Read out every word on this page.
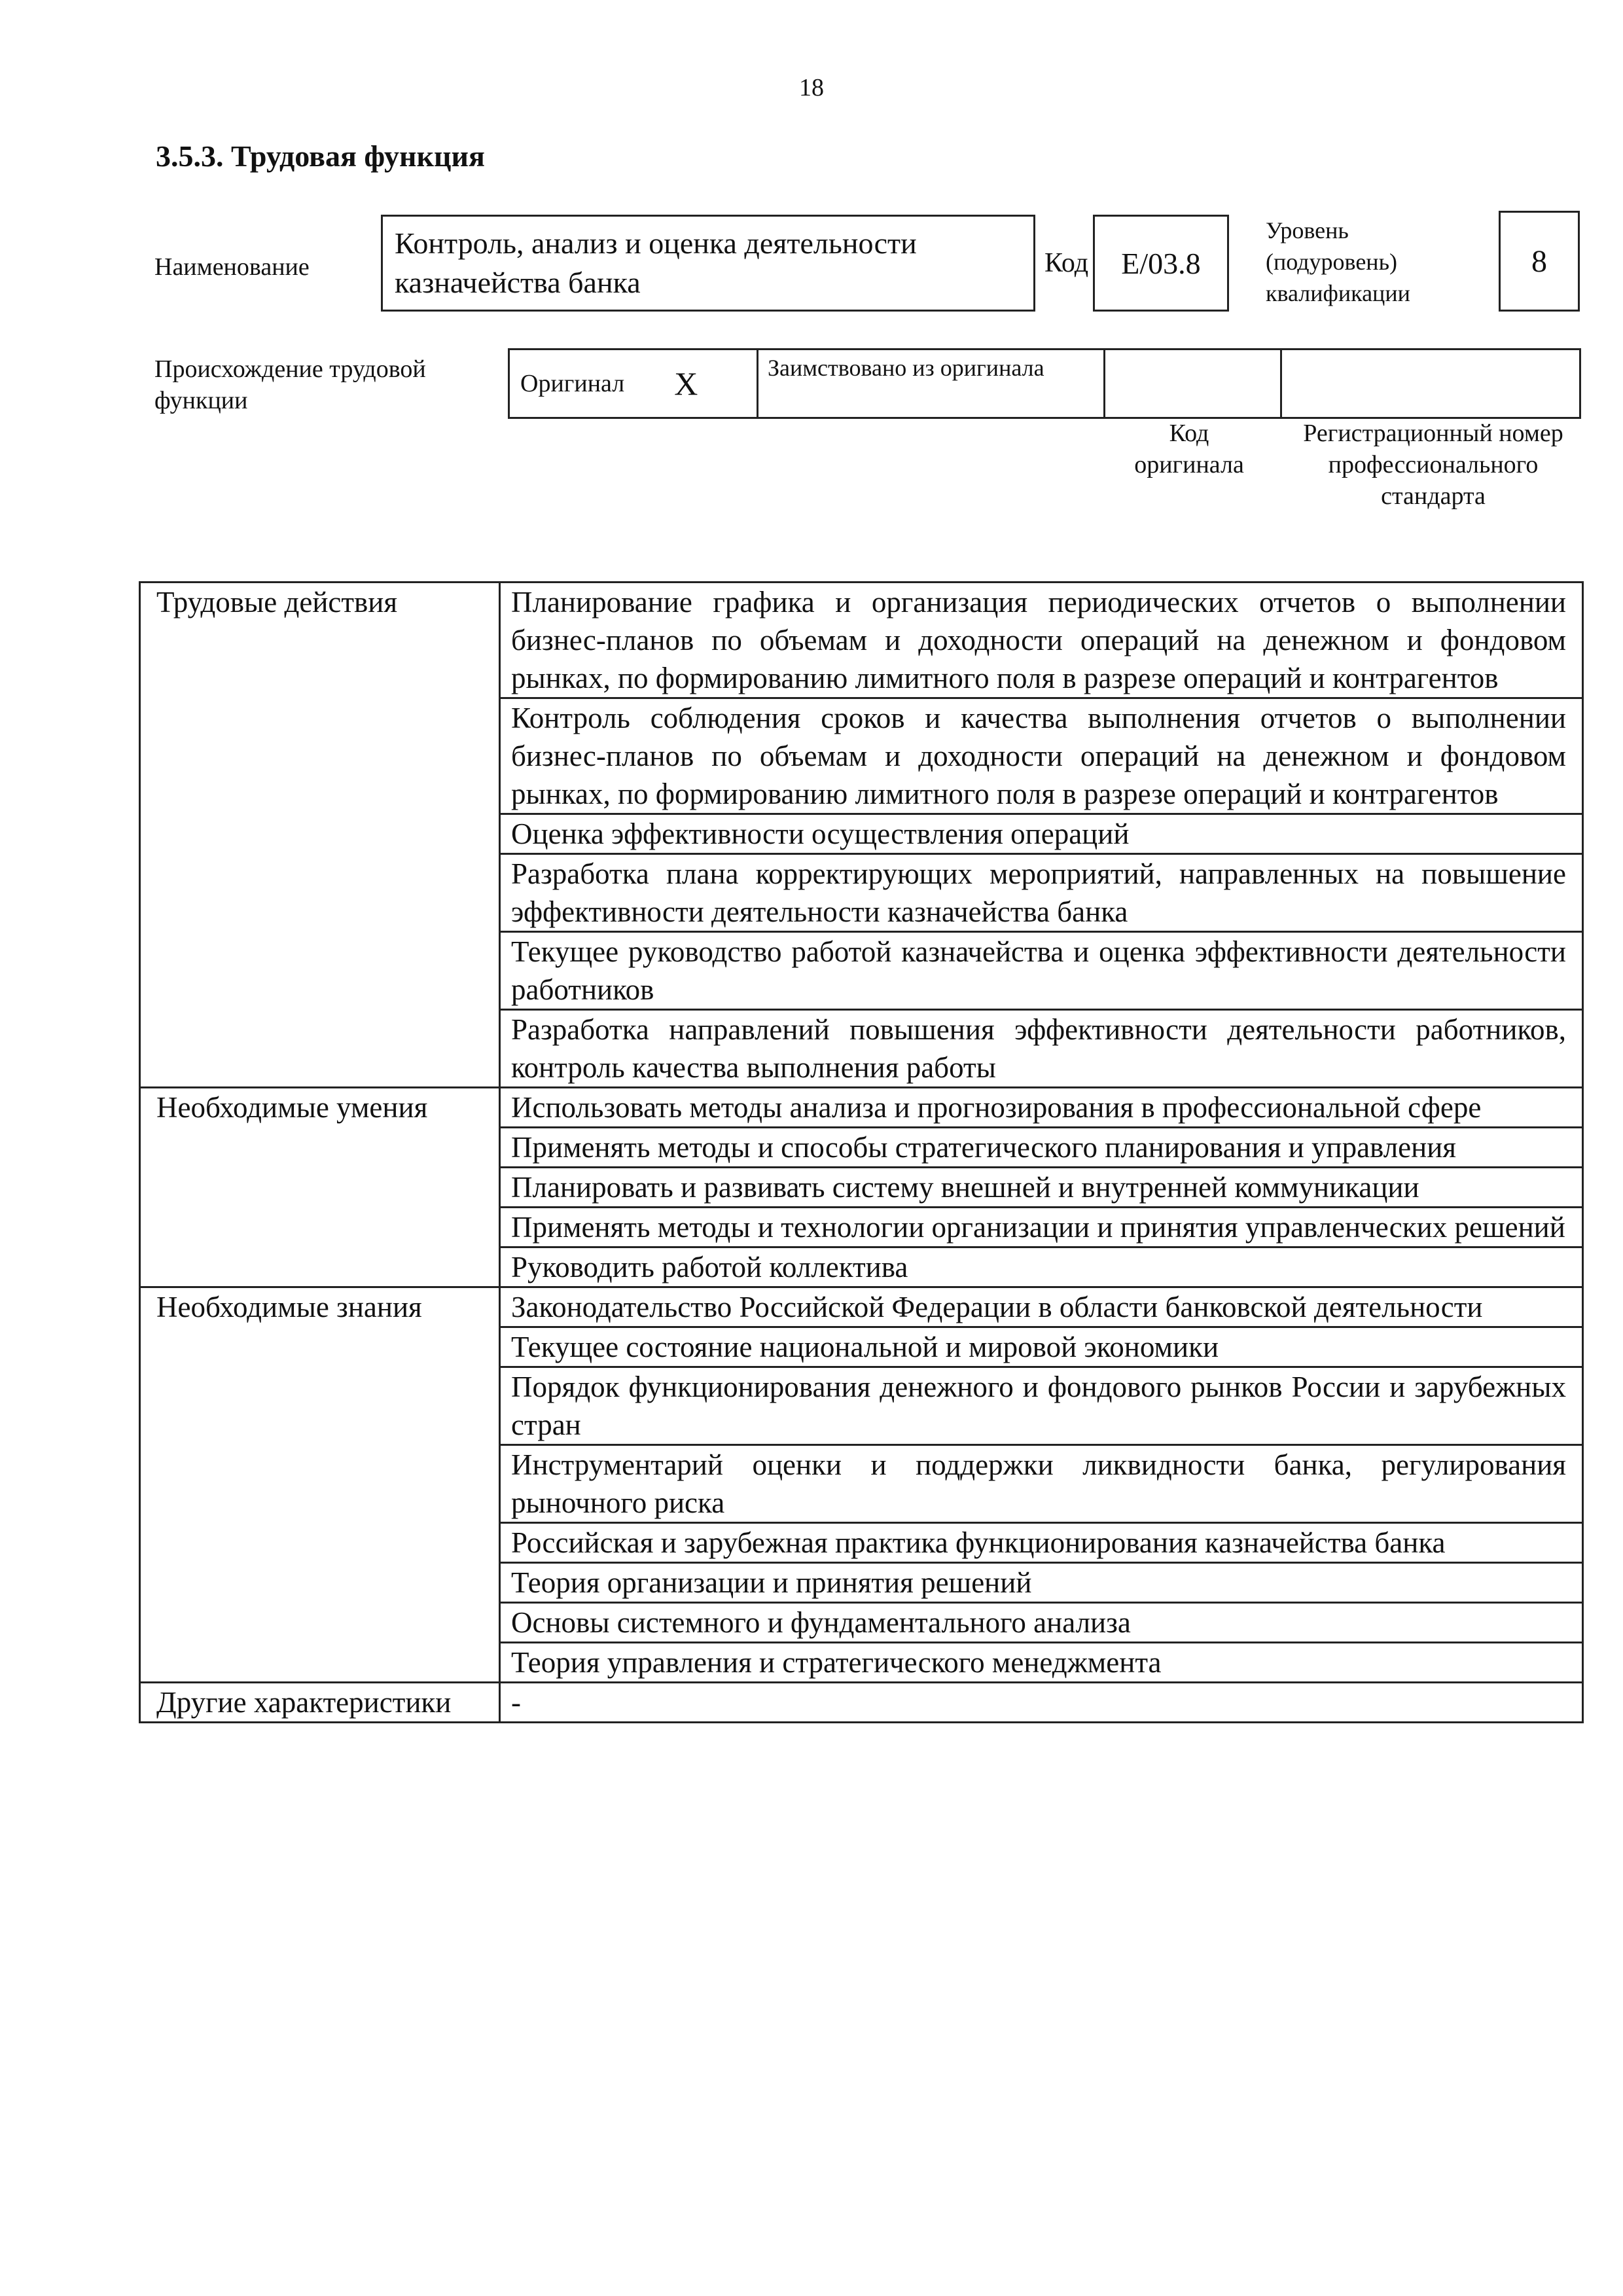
18
3.5.3. Трудовая функция
Наименование
Контроль, анализ и оценка деятельности казначейства банка
Код E/03.8
Уровень (подуровень) квалификации
8
Происхождение трудовой функции
Оригинал X	Заимствовано из оригинала
Код оригинала
Регистрационный номер профессионального стандарта
Трудовые действия	Планирование графика и организация периодических отчетов о выполнении бизнес-планов по объемам и доходности операций на денежном и фондовом рынках, по формированию лимитного поля в разрезе операций и контрагентов
	Контроль соблюдения сроков и качества выполнения отчетов о выполнении бизнес-планов по объемам и доходности операций на денежном и фондовом рынках, по формированию лимитного поля в разрезе операций и контрагентов
	Оценка эффективности осуществления операций
	Разработка плана корректирующих мероприятий, направленных на повышение эффективности деятельности казначейства банка
	Текущее руководство работой казначейства и оценка эффективности деятельности работников
	Разработка направлений повышения эффективности деятельности работников, контроль качества выполнения работы
Необходимые умения	Использовать методы анализа и прогнозирования в профессиональной сфере
	Применять методы и способы стратегического планирования и управления
	Планировать и развивать систему внешней и внутренней коммуникации
	Применять методы и технологии организации и принятия управленческих решений
	Руководить работой коллектива
Необходимые знания	Законодательство Российской Федерации в области банковской деятельности
	Текущее состояние национальной и мировой экономики
	Порядок функционирования денежного и фондового рынков России и зарубежных стран
	Инструментарий оценки и поддержки ликвидности банка, регулирования рыночного риска
	Российская и зарубежная практика функционирования казначейства банка
	Теория организации и принятия решений
	Основы системного и фундаментального анализа
	Теория управления и стратегического менеджмента
Другие характеристики	-
